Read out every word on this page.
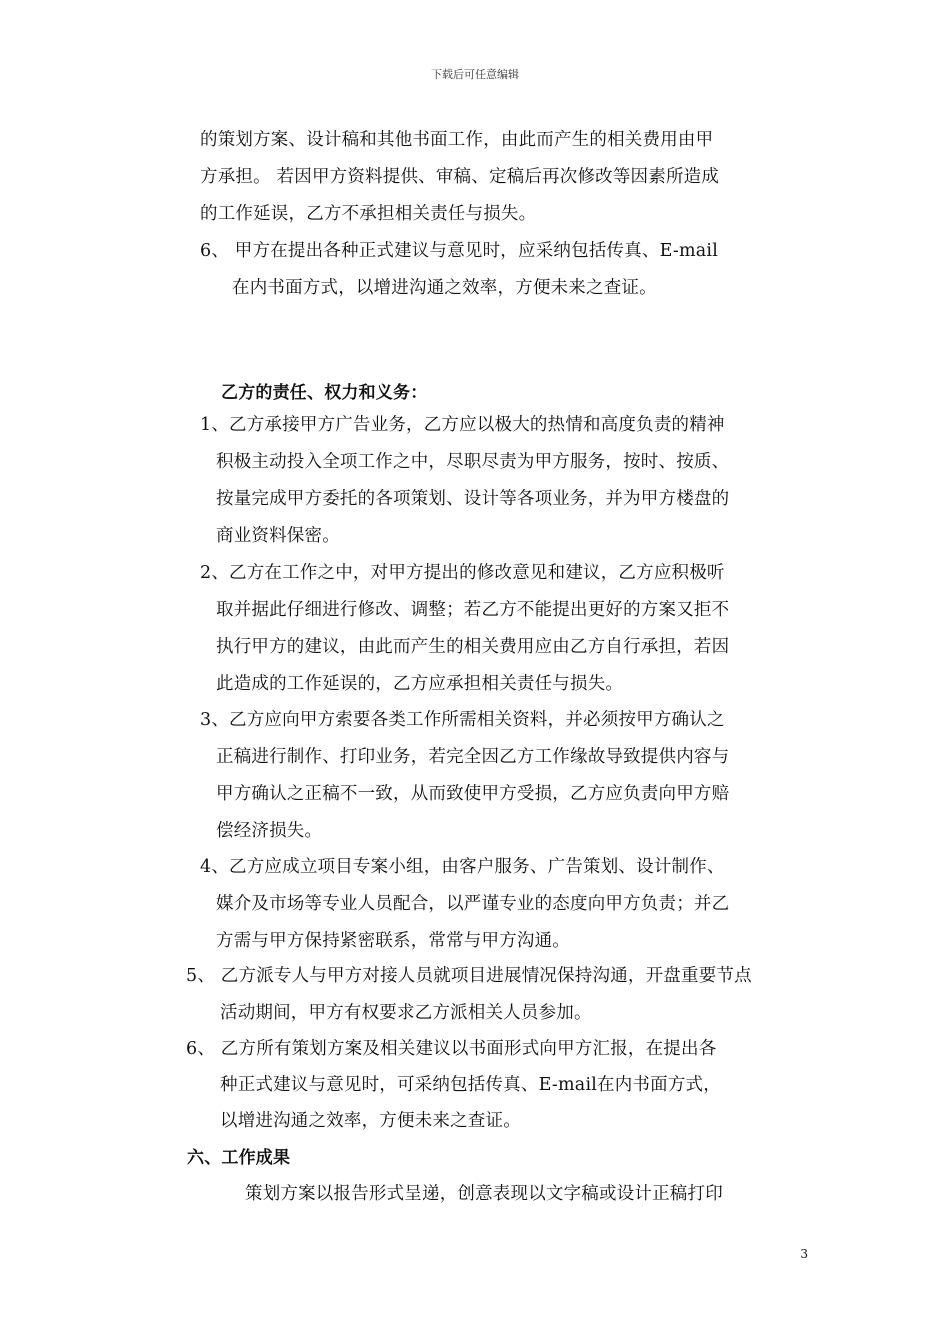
下载后可任意编辑
的策划方案、设计稿和其他书面工作，由此而产生的相关费用由甲
方承担。 若因甲方资料提供、审稿、定稿后再次修改等因素所造成
的工作延误，乙方不承担相关责任与损失。
6、 甲方在提出各种正式建议与意见时，应采纳包括传真、E-mail
在内书面方式，以增进沟通之效率，方便未来之查证。
乙方的责任、权力和义务：
1、乙方承接甲方广告业务，乙方应以极大的热情和高度负责的精神
积极主动投入全项工作之中，尽职尽责为甲方服务，按时、按质、
按量完成甲方委托的各项策划、设计等各项业务，并为甲方楼盘的
商业资料保密。
2、乙方在工作之中，对甲方提出的修改意见和建议，乙方应积极听
取并据此仔细进行修改、调整；若乙方不能提出更好的方案又拒不
执行甲方的建议，由此而产生的相关费用应由乙方自行承担，若因
此造成的工作延误的，乙方应承担相关责任与损失。
3、乙方应向甲方索要各类工作所需相关资料，并必须按甲方确认之
正稿进行制作、打印业务，若完全因乙方工作缘故导致提供内容与
甲方确认之正稿不一致，从而致使甲方受损，乙方应负责向甲方赔
偿经济损失。
4、乙方应成立项目专案小组，由客户服务、广告策划、设计制作、
媒介及市场等专业人员配合，以严谨专业的态度向甲方负责；并乙
方需与甲方保持紧密联系，常常与甲方沟通。
5、 乙方派专人与甲方对接人员就项目进展情况保持沟通，开盘重要节点
活动期间，甲方有权要求乙方派相关人员参加。
6、 乙方所有策划方案及相关建议以书面形式向甲方汇报，在提出各
种正式建议与意见时，可采纳包括传真、E-mail在内书面方式，
以增进沟通之效率，方便未来之查证。
六、工作成果
策划方案以报告形式呈递，创意表现以文字稿或设计正稿打印
3
